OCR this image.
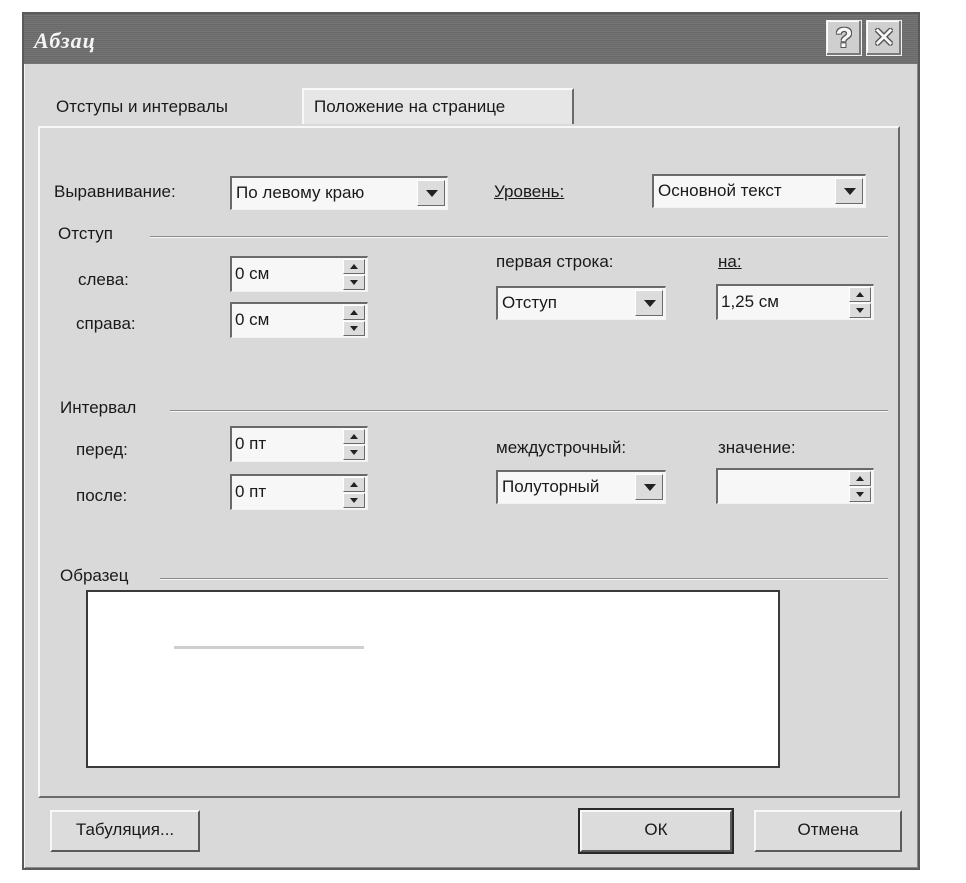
Абзац	? ✕
Отступы и интервалы	Положение на странице
Выравнивание:	По левому краю	Уровень:	Основной текст
Отступ
слева:	0 см
справа:	0 см
первая строка:
Отступ
на:
1,25 см
Интервал
перед:	0 пт
после:	0 пт
междустрочный:
Полуторный
значение:
Образец
Табуляция...	ОК	Отмена
